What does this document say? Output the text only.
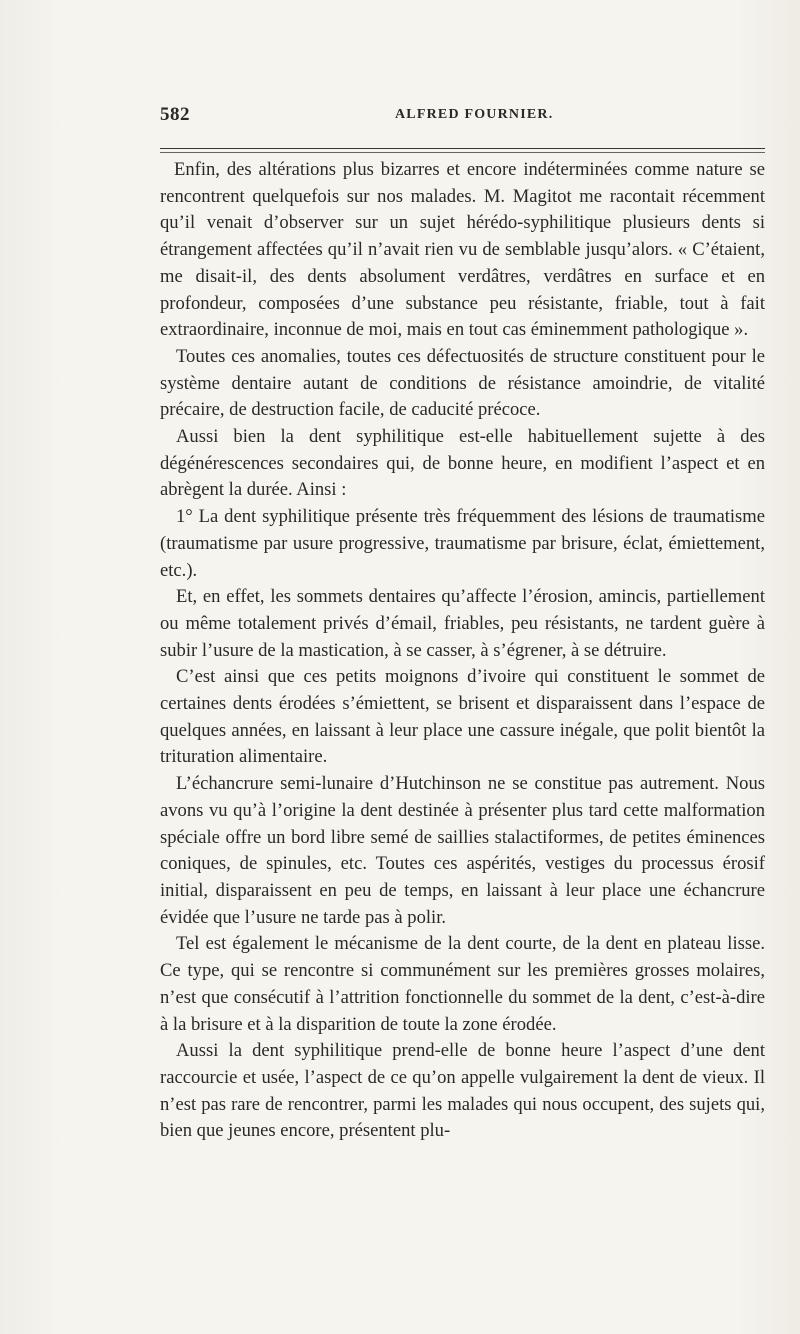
582	ALFRED FOURNIER.

Enfin, des altérations plus bizarres et encore indéterminées comme nature se rencontrent quelquefois sur nos malades. M. Magitot me racontait récemment qu’il venait d’observer sur un sujet hérédo-syphilitique plusieurs dents si étrangement affectées qu’il n’avait rien vu de semblable jusqu’alors. « C’étaient, me disait-il, des dents absolument verdâtres, verdâtres en surface et en profondeur, composées d’une substance peu résistante, friable, tout à fait extraordinaire, inconnue de moi, mais en tout cas éminemment pathologique ».

Toutes ces anomalies, toutes ces défectuosités de structure constituent pour le système dentaire autant de conditions de résistance amoindrie, de vitalité précaire, de destruction facile, de caducité précoce.

Aussi bien la dent syphilitique est-elle habituellement sujette à des dégénérescences secondaires qui, de bonne heure, en modifient l’aspect et en abrègent la durée. Ainsi :

1° La dent syphilitique présente très fréquemment des lésions de traumatisme (traumatisme par usure progressive, traumatisme par brisure, éclat, émiettement, etc.).

Et, en effet, les sommets dentaires qu’affecte l’érosion, amincis, partiellement ou même totalement privés d’émail, friables, peu résistants, ne tardent guère à subir l’usure de la mastication, à se casser, à s’égrener, à se détruire.

C’est ainsi que ces petits moignons d’ivoire qui constituent le sommet de certaines dents érodées s’émiettent, se brisent et disparaissent dans l’espace de quelques années, en laissant à leur place une cassure inégale, que polit bientôt la trituration alimentaire.

L’échancrure semi-lunaire d’Hutchinson ne se constitue pas autrement. Nous avons vu qu’à l’origine la dent destinée à présenter plus tard cette malformation spéciale offre un bord libre semé de saillies stalactiformes, de petites éminences coniques, de spinules, etc. Toutes ces aspérités, vestiges du processus érosif initial, disparaissent en peu de temps, en laissant à leur place une échancrure évidée que l’usure ne tarde pas à polir.

Tel est également le mécanisme de la dent courte, de la dent en plateau lisse. Ce type, qui se rencontre si communément sur les premières grosses molaires, n’est que consécutif à l’attrition fonctionnelle du sommet de la dent, c’est-à-dire à la brisure et à la disparition de toute la zone érodée.

Aussi la dent syphilitique prend-elle de bonne heure l’aspect d’une dent raccourcie et usée, l’aspect de ce qu’on appelle vulgairement la dent de vieux. Il n’est pas rare de rencontrer, parmi les malades qui nous occupent, des sujets qui, bien que jeunes encore, présentent plu-
